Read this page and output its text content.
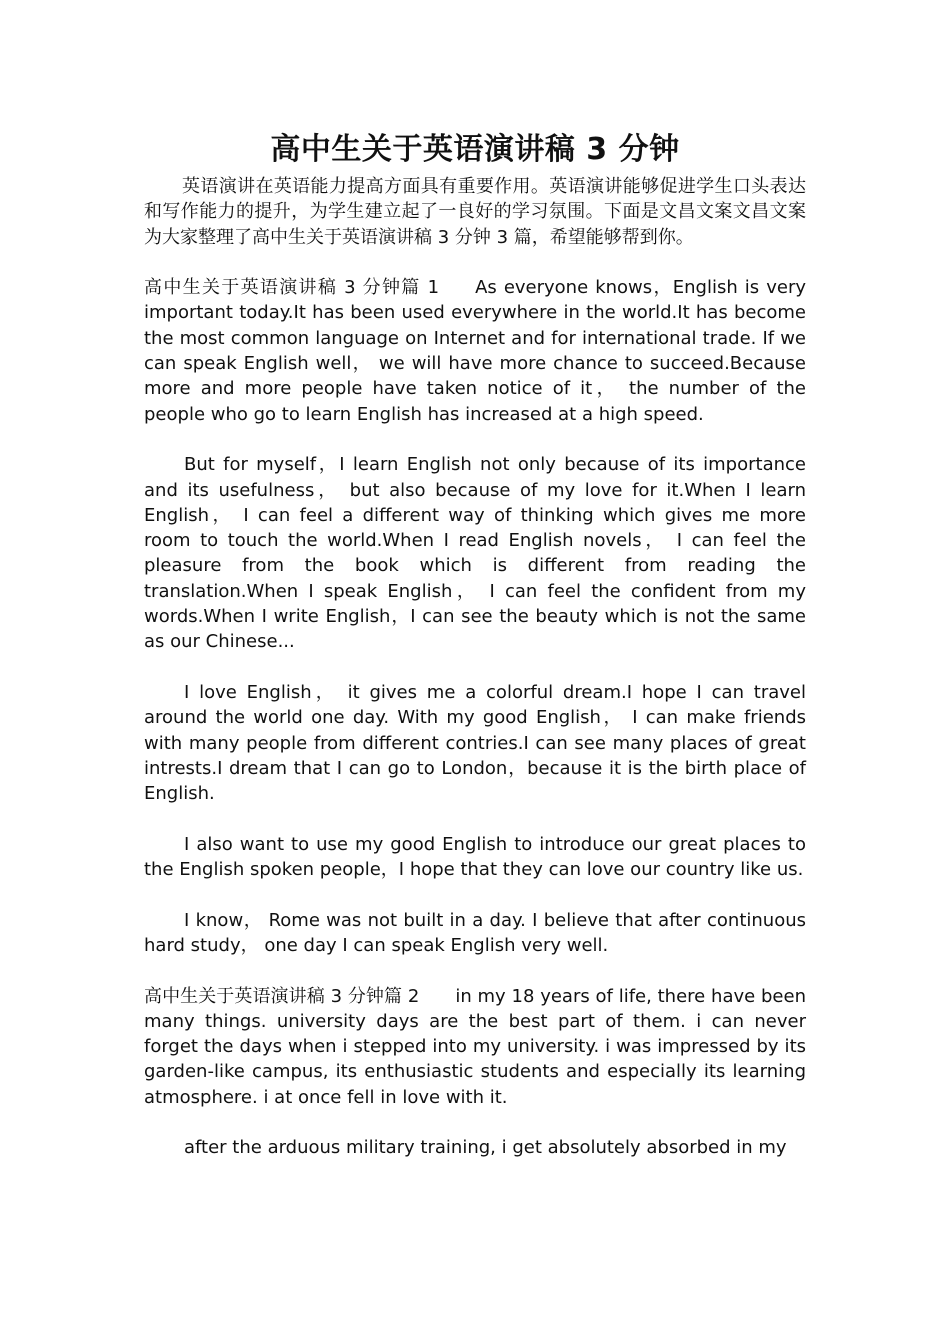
高中生关于英语演讲稿 3 分钟

英语演讲在英语能力提高方面具有重要作用。英语演讲能够促进学生口头表达和写作能力的提升，为学生建立起了一良好的学习氛围。下面是文昌文案文昌文案为大家整理了高中生关于英语演讲稿 3 分钟 3 篇，希望能够帮到你。

高中生关于英语演讲稿 3 分钟篇 1 As everyone knows，English is very important today.It has been used everywhere in the world.It has become the most common language on Internet and for international trade. If we can speak English well， we will have more chance to succeed.Because more and more people have taken notice of it， the number of the people who go to learn English has increased at a high speed.

But for myself，I learn English not only because of its importance and its usefulness， but also because of my love for it.When I learn English， I can feel a different way of thinking which gives me more room to touch the world.When I read English novels， I can feel the pleasure from the book which is different from reading the translation.When I speak English， I can feel the confident from my words.When I write English，I can see the beauty which is not the same as our Chinese...

I love English， it gives me a colorful dream.I hope I can travel around the world one day. With my good English， I can make friends with many people from different contries.I can see many places of great intrests.I dream that I can go to London，because it is the birth place of English.

I also want to use my good English to introduce our great places to the English spoken people，I hope that they can love our country like us.

I know， Rome was not built in a day. I believe that after continuous hard study， one day I can speak English very well.

高中生关于英语演讲稿 3 分钟篇 2 in my 18 years of life, there have been many things. university days are the best part of them. i can never forget the days when i stepped into my university. i was impressed by its garden-like campus, its enthusiastic students and especially its learning atmosphere. i at once fell in love with it.

after the arduous military training, i get absolutely absorbed in my
